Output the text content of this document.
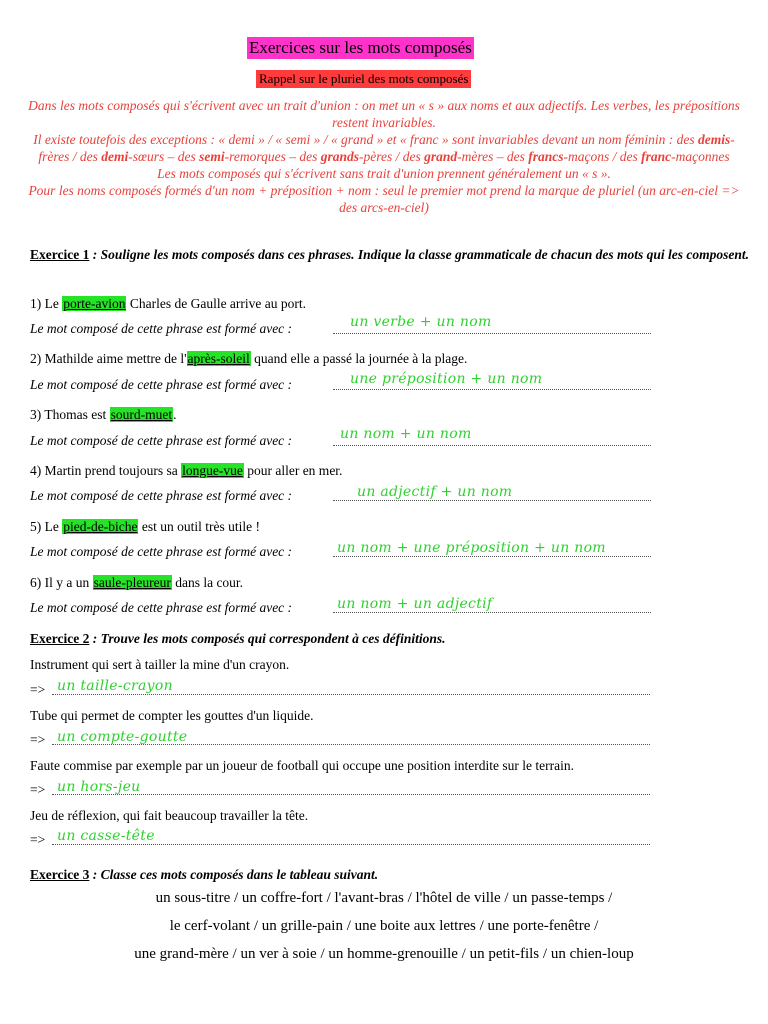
Exercices sur les mots composés
Rappel sur le pluriel des mots composés

Dans les mots composés qui s'écrivent avec un trait d'union : on met un « s » aux noms et aux adjectifs. Les verbes, les prépositions restent invariables.

Il existe toutefois des exceptions : « demi » / « semi » / « grand » et « franc » sont invariables devant un nom féminin : des demis-frères / des demi-sœurs – des semi-remorques – des grands-pères / des grand-mères – des francs-maçons / des franc-maçonnes

Les mots composés qui s'écrivent sans trait d'union prennent généralement un « s ».

Pour les noms composés formés d'un nom + préposition + nom : seul le premier mot prend la marque de pluriel (un arc-en-ciel => des arcs-en-ciel)

Exercice 1 : Souligne les mots composés dans ces phrases. Indique la classe grammaticale de chacun des mots qui les composent.

1) Le porte-avion Charles de Gaulle arrive au port.
Le mot composé de cette phrase est formé avec :	un verbe + un nom
2) Mathilde aime mettre de l'après-soleil quand elle a passé la journée à la plage.
Le mot composé de cette phrase est formé avec :	une préposition + un nom
3) Thomas est sourd-muet.
Le mot composé de cette phrase est formé avec :	un nom + un nom
4) Martin prend toujours sa longue-vue pour aller en mer.
Le mot composé de cette phrase est formé avec :	un adjectif + un nom
5) Le pied-de-biche est un outil très utile !
Le mot composé de cette phrase est formé avec :	un nom + une préposition + un nom
6) Il y a un saule-pleureur dans la cour.
Le mot composé de cette phrase est formé avec :	un nom + un adjectif

Exercice 2 : Trouve les mots composés qui correspondent à ces définitions.

Instrument qui sert à tailler la mine d'un crayon.
=> un taille-crayon
Tube qui permet de compter les gouttes d'un liquide.
=> un compte-goutte
Faute commise par exemple par un joueur de football qui occupe une position interdite sur le terrain.
=> un hors-jeu
Jeu de réflexion, qui fait beaucoup travailler la tête.
=> un casse-tête

Exercice 3 : Classe ces mots composés dans le tableau suivant.

un sous-titre / un coffre-fort / l'avant-bras / l'hôtel de ville / un passe-temps /

le cerf-volant / un grille-pain / une boite aux lettres / une porte-fenêtre /

une grand-mère / un ver à soie / un homme-grenouille / un petit-fils / un chien-loup
